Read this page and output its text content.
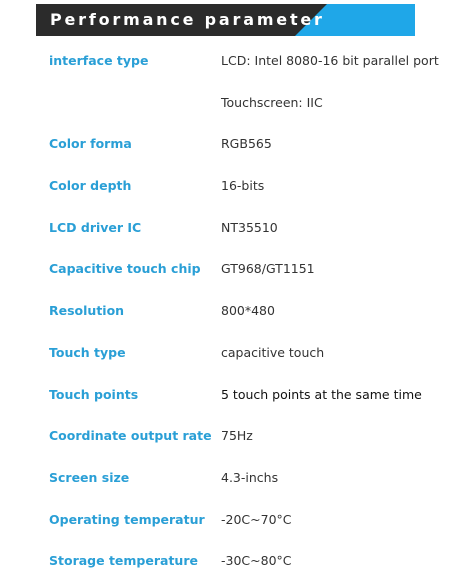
Performance parameter
interface type	LCD: Intel 8080-16 bit parallel port
Touchscreen: IIC
Color forma	RGB565
Color depth	16-bits
LCD driver IC	NT35510
Capacitive touch chip GT968/GT1151
Resolution	800*480
Touch type	capacitive touch
Touch points	5 touch points at the same time
Coordinate output rate 75Hz
Screen size	4.3-inchs
Operating temperatur -20C~70°C
Storage temperature -30C~80°C
